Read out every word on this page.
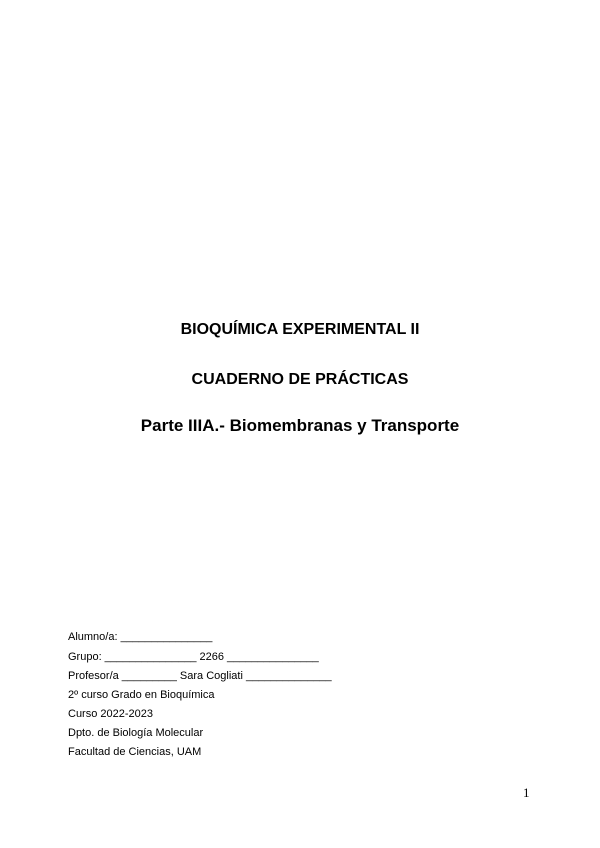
BIOQUÍMICA EXPERIMENTAL II
CUADERNO DE PRÁCTICAS
Parte IIIA.- Biomembranas y Transporte
Alumno/a: _______________
Grupo: _______________ 2266 _______________
Profesor/a _________ Sara Cogliati ______________
2º curso Grado en Bioquímica
Curso 2022-2023
Dpto. de Biología Molecular
Facultad de Ciencias, UAM
1
